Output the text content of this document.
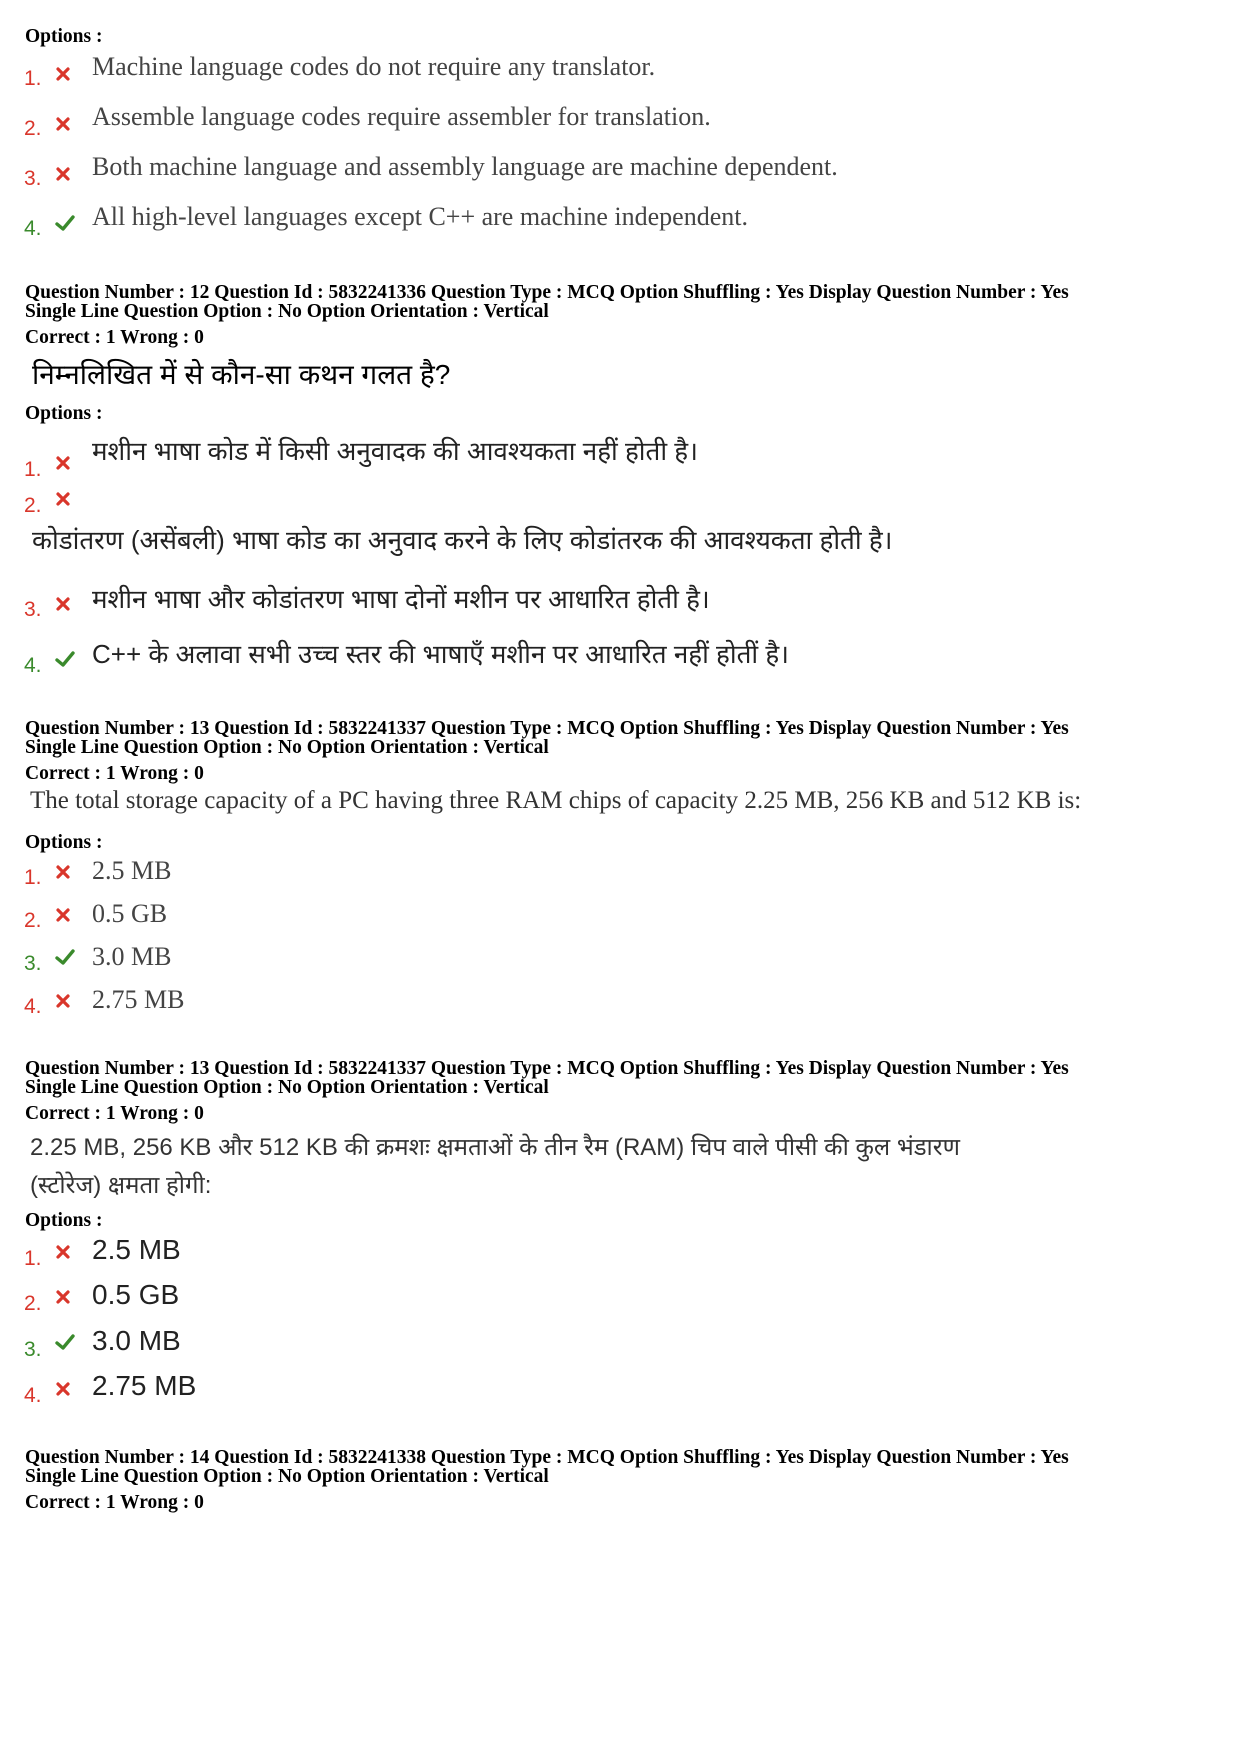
Options :
1. Machine language codes do not require any translator.
2. Assemble language codes require assembler for translation.
3. Both machine language and assembly language are machine dependent.
4. All high-level languages except C++ are machine independent.
Question Number : 12 Question Id : 5832241336 Question Type : MCQ Option Shuffling : Yes Display Question Number : Yes
Single Line Question Option : No Option Orientation : Vertical
Correct : 1 Wrong : 0
निम्नलिखित में से कौन-सा कथन गलत है?
Options :
1.
मशीन भाषा कोड में किसी अनुवादक की आवश्यकता नहीं होती है।
2.
कोडांतरण (असेंबली) भाषा कोड का अनुवाद करने के लिए कोडांतरक की आवश्यकता होती है।
3. मशीन भाषा और कोडांतरण भाषा दोनों मशीन पर आधारित होती है।
4. C++ के अलावा सभी उच्च स्तर की भाषाएँ मशीन पर आधारित नहीं होतीं है।
Question Number : 13 Question Id : 5832241337 Question Type : MCQ Option Shuffling : Yes Display Question Number : Yes
Single Line Question Option : No Option Orientation : Vertical
Correct : 1 Wrong : 0
The total storage capacity of a PC having three RAM chips of capacity 2.25 MB, 256 KB and 512 KB is:
Options :
1. 2.5 MB
2. 0.5 GB
3. 3.0 MB
4. 2.75 MB
Question Number : 13 Question Id : 5832241337 Question Type : MCQ Option Shuffling : Yes Display Question Number : Yes
Single Line Question Option : No Option Orientation : Vertical
Correct : 1 Wrong : 0
2.25 MB, 256 KB और 512 KB की क्रमशः क्षमताओं के तीन रैम (RAM) चिप वाले पीसी की कुल भंडारण
(स्टोरेज) क्षमता होगी:
Options :
1. 2.5 MB
2. 0.5 GB
3. 3.0 MB
4. 2.75 MB
Question Number : 14 Question Id : 5832241338 Question Type : MCQ Option Shuffling : Yes Display Question Number : Yes
Single Line Question Option : No Option Orientation : Vertical
Correct : 1 Wrong : 0
